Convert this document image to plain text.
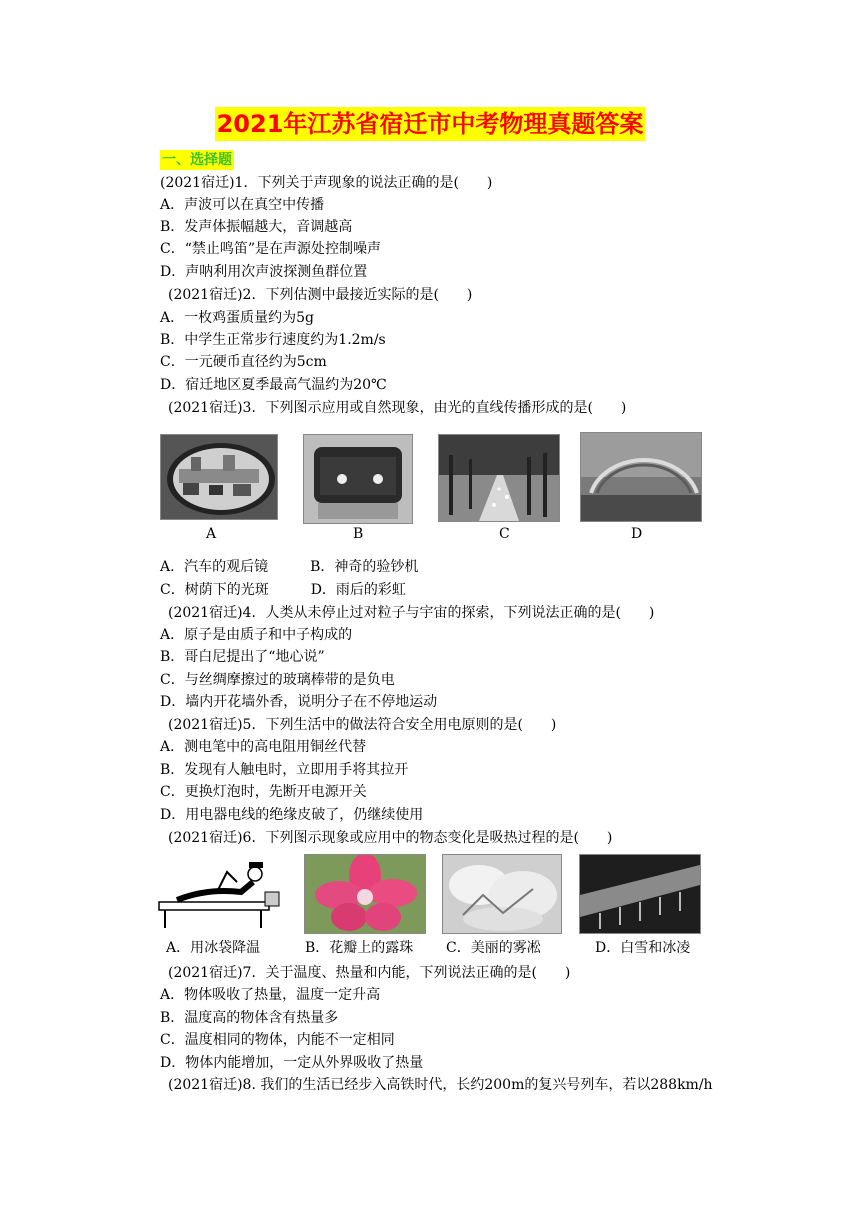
2021年江苏省宿迁市中考物理真题答案
一、选择题
(2021宿迁)1．下列关于声现象的说法正确的是(　　)
A．声波可以在真空中传播
B．发声体振幅越大，音调越高
C．“禁止鸣笛”是在声源处控制噪声
D．声呐利用次声波探测鱼群位置
(2021宿迁)2．下列估测中最接近实际的是(　　)
A．一枚鸡蛋质量约为5g
B．中学生正常步行速度约为1.2m/s
C．一元硬币直径约为5cm
D．宿迁地区夏季最高气温约为20℃
(2021宿迁)3．下列图示应用或自然现象，由光的直线传播形成的是(　　)
A	B	C	D
A．汽车的观后镜　　　B．神奇的验钞机
C．树荫下的光斑　　　D．雨后的彩虹
(2021宿迁)4．人类从未停止过对粒子与宇宙的探索，下列说法正确的是(　　)
A．原子是由质子和中子构成的
B．哥白尼提出了“地心说”
C．与丝绸摩擦过的玻璃棒带的是负电
D．墙内开花墙外香，说明分子在不停地运动
(2021宿迁)5．下列生活中的做法符合安全用电原则的是(　　)
A．测电笔中的高电阻用铜丝代替
B．发现有人触电时，立即用手将其拉开
C．更换灯泡时，先断开电源开关
D．用电器电线的绝缘皮破了，仍继续使用
(2021宿迁)6．下列图示现象或应用中的物态变化是吸热过程的是(　　)
A．用冰袋降温	B．花瓣上的露珠 C．美丽的雾凇	D．白雪和冰凌
(2021宿迁)7．关于温度、热量和内能，下列说法正确的是(　　)
A．物体吸收了热量，温度一定升高
B．温度高的物体含有热量多
C．温度相同的物体，内能不一定相同
D．物体内能增加，一定从外界吸收了热量
(2021宿迁)8. 我们的生活已经步入高铁时代，长约200m的复兴号列车，若以288km/h
